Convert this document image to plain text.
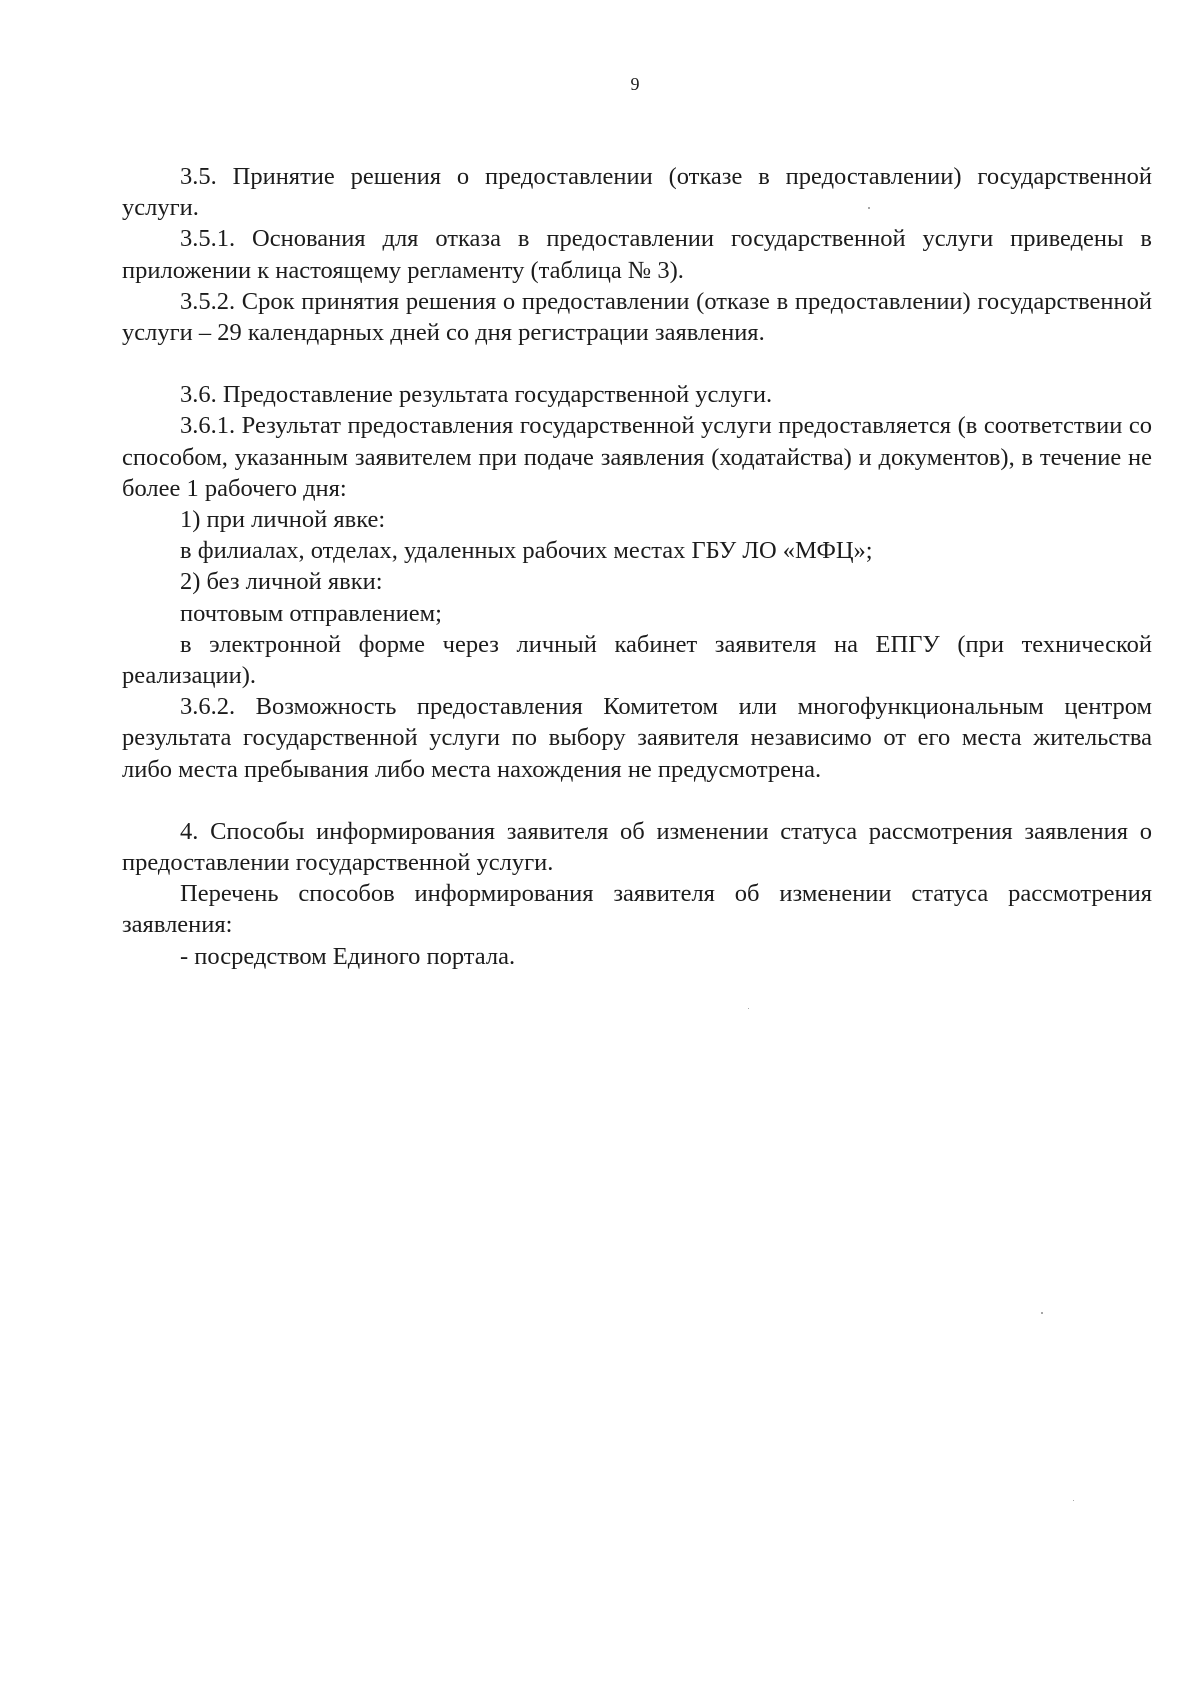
9

3.5. Принятие решения о предоставлении (отказе в предоставлении) государственной услуги.

3.5.1. Основания для отказа в предоставлении государственной услуги приведены в приложении к настоящему регламенту (таблица № 3).

3.5.2. Срок принятия решения о предоставлении (отказе в предоставлении) государственной услуги – 29 календарных дней со дня регистрации заявления.

3.6. Предоставление результата государственной услуги.

3.6.1. Результат предоставления государственной услуги предоставляется (в соответствии со способом, указанным заявителем при подаче заявления (ходатайства) и документов), в течение не более 1 рабочего дня:

1) при личной явке:

в филиалах, отделах, удаленных рабочих местах ГБУ ЛО «МФЦ»;

2) без личной явки:

почтовым отправлением;

в электронной форме через личный кабинет заявителя на ЕПГУ (при технической реализации).

3.6.2. Возможность предоставления Комитетом или многофункциональным центром результата государственной услуги по выбору заявителя независимо от его места жительства либо места пребывания либо места нахождения не предусмотрена.

4. Способы информирования заявителя об изменении статуса рассмотрения заявления о предоставлении государственной услуги.

Перечень способов информирования заявителя об изменении статуса рассмотрения заявления:

- посредством Единого портала.
